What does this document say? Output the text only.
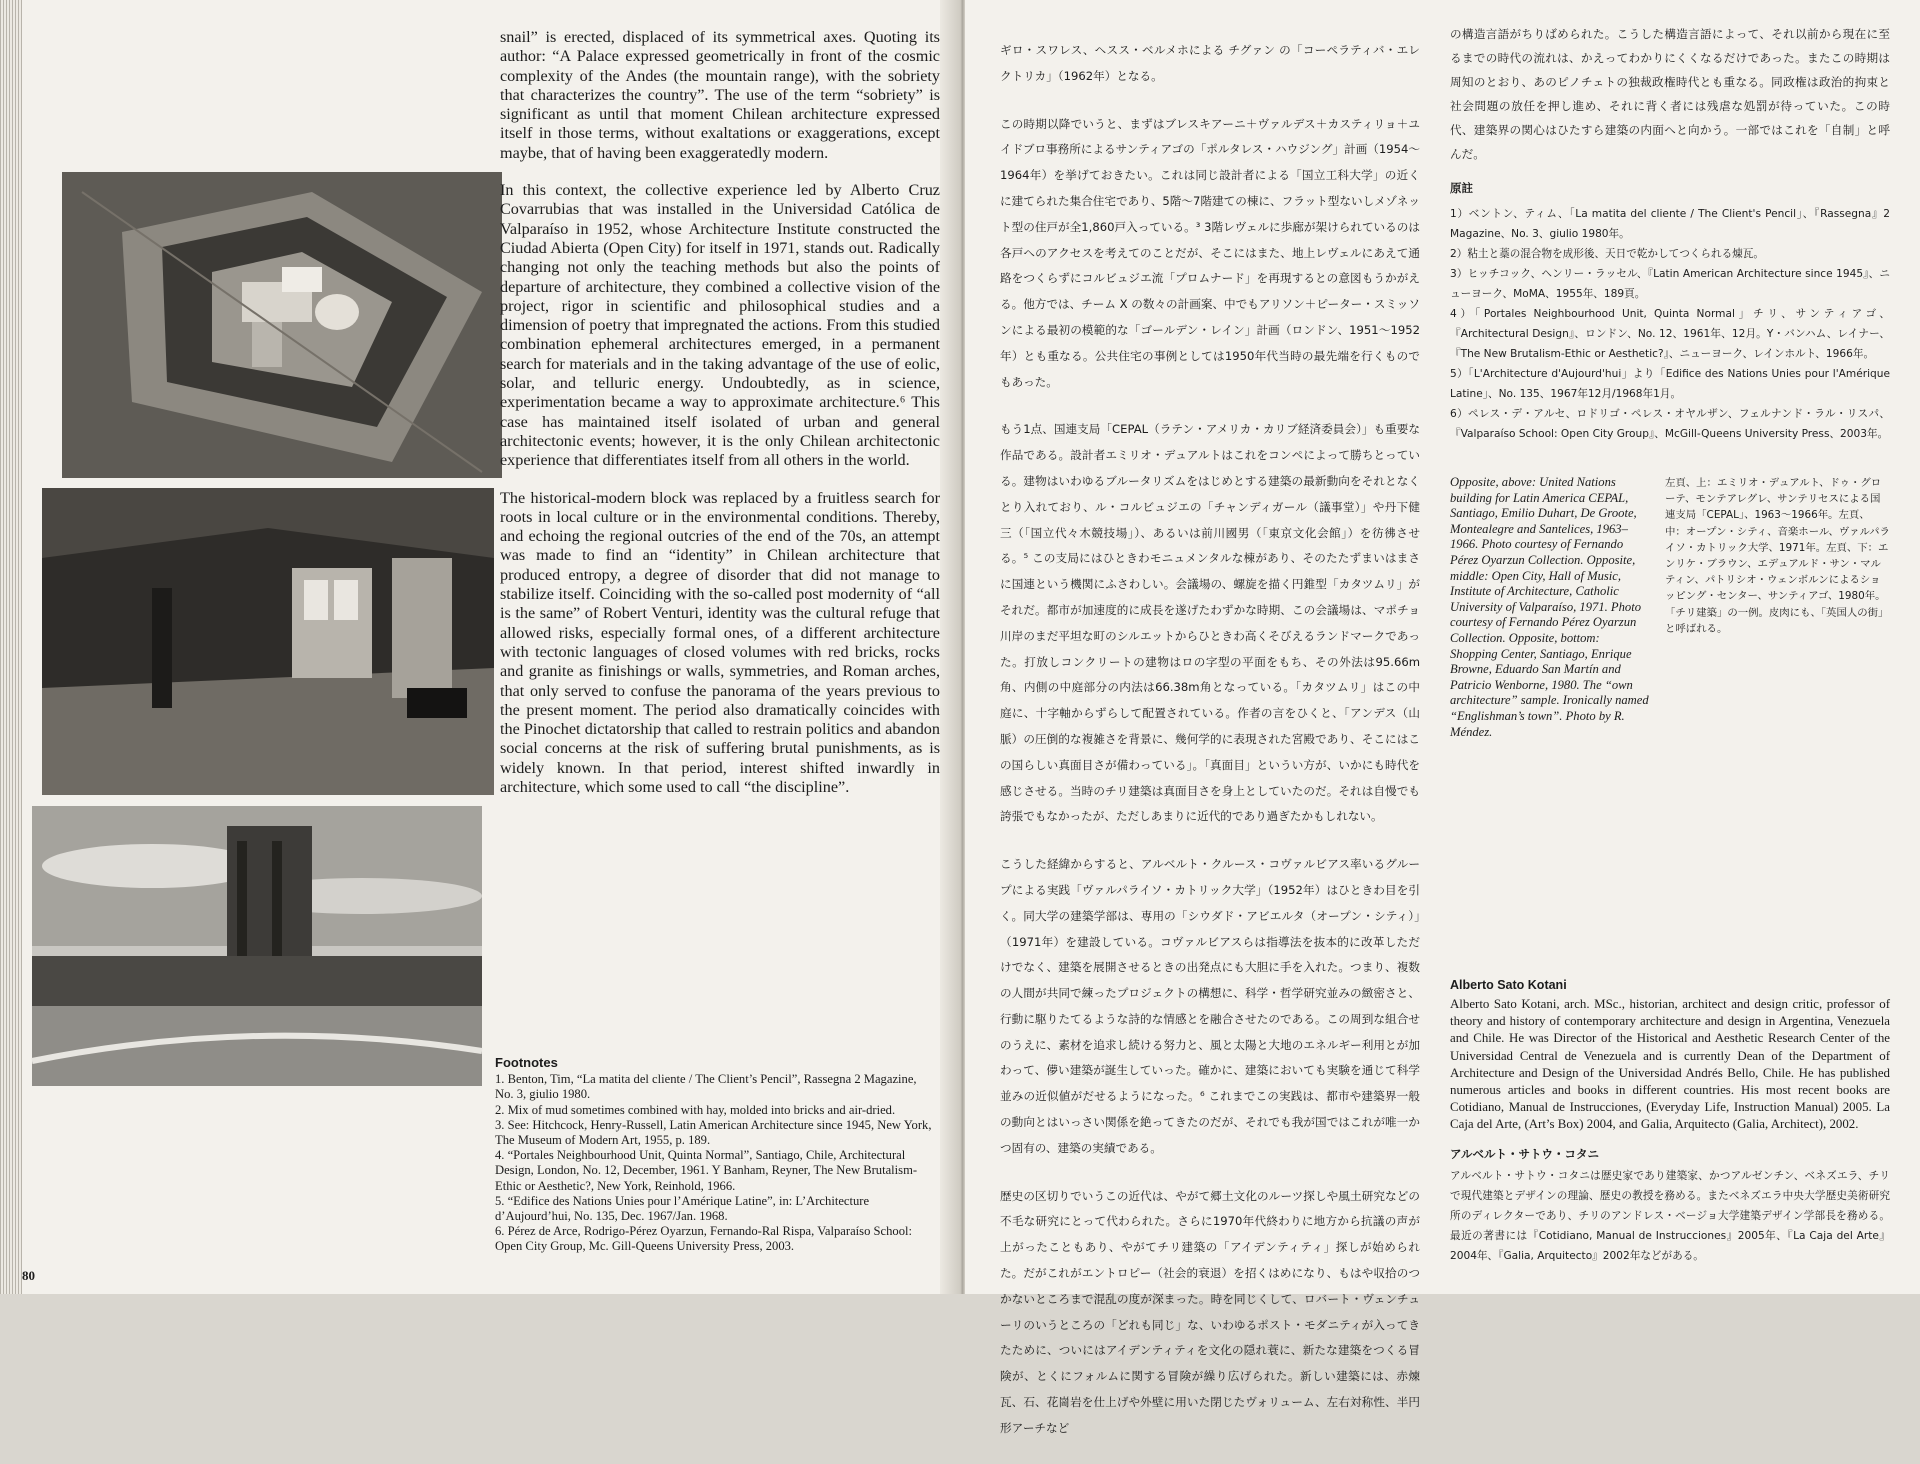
snail” is erected, displaced of its symmetrical axes. Quoting its author: “A Palace expressed geometrically in front of the cosmic complexity of the Andes (the mountain range), with the sobriety that characterizes the country”. The use of the term “sobriety” is significant as until that moment Chilean architecture expressed itself in those terms, without exaltations or exaggerations, except maybe, that of having been exaggeratedly modern.

In this context, the collective experience led by Alberto Cruz Covarrubias that was installed in the Universidad Católica de Valparaíso in 1952, whose Architecture Institute constructed the Ciudad Abierta (Open City) for itself in 1971, stands out. Radically changing not only the teaching methods but also the points of departure of architecture, they combined a collective vision of the project, rigor in scientific and philosophical studies and a dimension of poetry that impregnated the actions. From this studied combination ephemeral architectures emerged, in a permanent search for materials and in the taking advantage of the use of eolic, solar, and telluric energy. Undoubtedly, as in science, experimentation became a way to approximate architecture.⁶ This case has maintained itself isolated of urban and general architectonic events; however, it is the only Chilean architectonic experience that differentiates itself from all others in the world.

The historical-modern block was replaced by a fruitless search for roots in local culture or in the environmental conditions. Thereby, and echoing the regional outcries of the end of the 70s, an attempt was made to find an “identity” in Chilean architecture that produced entropy, a degree of disorder that did not manage to stabilize itself. Coinciding with the so-called post modernity of “all is the same” of Robert Venturi, identity was the cultural refuge that allowed risks, especially formal ones, of a different architecture with tectonic languages of closed volumes with red bricks, rocks and granite as finishings or walls, symmetries, and Roman arches, that only served to confuse the panorama of the years previous to the present moment. The period also dramatically coincides with the Pinochet dictatorship that called to restrain politics and abandon social concerns at the risk of suffering brutal punishments, as is widely known. In that period, interest shifted inwardly in architecture, which some used to call “the discipline”.

Footnotes

1. Benton, Tim, “La matita del cliente / The Client’s Pencil”, Rassegna 2 Magazine, No. 3, giulio 1980.

2. Mix of mud sometimes combined with hay, molded into bricks and air-dried.

3. See: Hitchcock, Henry-Russell, Latin American Architecture since 1945, New York, The Museum of Modern Art, 1955, p. 189.

4. “Portales Neighbourhood Unit, Quinta Normal”, Santiago, Chile, Architectural Design, London, No. 12, December, 1961. Y Banham, Reyner, The New Brutalism-Ethic or Aesthetic?, New York, Reinhold, 1966.

5. “Edifice des Nations Unies pour l’Amérique Latine”, in: L’Architecture d’Aujourd’hui, No. 135, Dec. 1967/Jan. 1968.

6. Pérez de Arce, Rodrigo-Pérez Oyarzun, Fernando-Ral Rispa, Valparaíso School: Open City Group, Mc. Gill-Queens University Press, 2003.

80

ギロ・スワレス、ヘスス・ベルメホによる チグァン の「コーペラティバ・エレクトリカ」（1962年）となる。

この時期以降でいうと、まずはブレスキアーニ＋ヴァルデス＋カスティリョ＋ユイドブロ事務所によるサンティアゴの「ポルタレス・ハウジング」計画（1954～1964年）を挙げておきたい。これは同じ設計者による「国立工科大学」の近くに建てられた集合住宅であり、5階～7階建ての棟に、フラット型ないしメゾネット型の住戸が全1,860戸入っている。³ 3階レヴェルに歩廊が架けられているのは各戸へのアクセスを考えてのことだが、そこにはまた、地上レヴェルにあえて通路をつくらずにコルビュジエ流「プロムナード」を再現するとの意図もうかがえる。他方では、チーム X の数々の計画案、中でもアリソン＋ピーター・スミッソンによる最初の模範的な「ゴールデン・レイン」計画（ロンドン、1951～1952年）とも重なる。公共住宅の事例としては1950年代当時の最先端を行くものでもあった。

もう1点、国連支局「CEPAL（ラテン・アメリカ・カリブ経済委員会）」も重要な作品である。設計者エミリオ・デュアルトはこれをコンペによって勝ちとっている。建物はいわゆるブルータリズムをはじめとする建築の最新動向をそれとなくとり入れており、ル・コルビュジエの「チャンディガール（議事堂）」や丹下健三（「国立代々木競技場」）、あるいは前川國男（「東京文化会館」）を彷彿させる。⁵ この支局にはひときわモニュメンタルな棟があり、そのたたずまいはまさに国連という機関にふさわしい。会議場の、螺旋を描く円錐型「カタツムリ」がそれだ。都市が加速度的に成長を遂げたわずかな時期、この会議場は、マポチョ川岸のまだ平坦な町のシルエットからひときわ高くそびえるランドマークであった。打放しコンクリートの建物はロの字型の平面をもち、その外法は95.66m角、内側の中庭部分の内法は66.38m角となっている。「カタツムリ」はこの中庭に、十字軸からずらして配置されている。作者の言をひくと、「アンデス（山脈）の圧倒的な複雑さを背景に、幾何学的に表現された宮殿であり、そこにはこの国らしい真面目さが備わっている」。「真面目」というい方が、いかにも時代を感じさせる。当時のチリ建築は真面目さを身上としていたのだ。それは自慢でも誇張でもなかったが、ただしあまりに近代的であり過ぎたかもしれない。

こうした経緯からすると、アルベルト・クルース・コヴァルビアス率いるグループによる実践「ヴァルパライソ・カトリック大学」（1952年）はひときわ目を引く。同大学の建築学部は、専用の「シウダド・アビエルタ（オープン・シティ）」（1971年）を建設している。コヴァルビアスらは指導法を抜本的に改革しただけでなく、建築を展開させるときの出発点にも大胆に手を入れた。つまり、複数の人間が共同で練ったプロジェクトの構想に、科学・哲学研究並みの緻密さと、行動に駆りたてるような詩的な情感とを融合させたのである。この周到な組合せのうえに、素材を追求し続ける努力と、風と太陽と大地のエネルギー利用とが加わって、儚い建築が誕生していった。確かに、建築においても実験を通じて科学並みの近似値がだせるようになった。⁶ これまでこの実践は、都市や建築界一般の動向とはいっさい関係を絶ってきたのだが、それでも我が国ではこれが唯一かつ固有の、建築の実績である。

歴史の区切りでいうこの近代は、やがて郷土文化のルーツ探しや風土研究などの不毛な研究にとって代わられた。さらに1970年代終わりに地方から抗議の声が上がったこともあり、やがてチリ建築の「アイデンティティ」探しが始められた。だがこれがエントロピー（社会的衰退）を招くはめになり、もはや収拾のつかないところまで混乱の度が深まった。時を同じくして、ロバート・ヴェンチューリのいうところの「どれも同じ」な、いわゆるポスト・モダニティが入ってきたために、ついにはアイデンティティを文化の隠れ蓑に、新たな建築をつくる冒険が、とくにフォルムに関する冒険が繰り広げられた。新しい建築には、赤煉瓦、石、花崗岩を仕上げや外壁に用いた閉じたヴォリューム、左右対称性、半円形アーチなど

の構造言語がちりばめられた。こうした構造言語によって、それ以前から現在に至るまでの時代の流れは、かえってわかりにくくなるだけであった。またこの時期は周知のとおり、あのピノチェトの独裁政権時代とも重なる。同政権は政治的拘束と社会問題の放任を押し進め、それに背く者には残虐な処罰が待っていた。この時代、建築界の関心はひたすら建築の内面へと向かう。一部ではこれを「自制」と呼んだ。

原註

1）ベントン、ティム、「La matita del cliente / The Client's Pencil」、『Rassegna』2 Magazine、No. 3、giulio 1980年。

2）粘土と藁の混合物を成形後、天日で乾かしてつくられる煉瓦。

3）ヒッチコック、ヘンリー・ラッセル、『Latin American Architecture since 1945』、ニューヨーク、MoMA、1955年、189頁。

4）「Portales Neighbourhood Unit, Quinta Normal」チリ、サンティアゴ、『Architectural Design』、ロンドン、No. 12、1961年、12月。Y・バンハム、レイナー、『The New Brutalism-Ethic or Aesthetic?』、ニューヨーク、レインホルト、1966年。

5）「L'Architecture d'Aujourd'hui」より「Edifice des Nations Unies pour l'Amérique Latine」、No. 135、1967年12月/1968年1月。

6）ペレス・デ・アルセ、ロドリゴ・ペレス・オヤルザン、フェルナンド・ラル・リスパ、『Valparaíso School: Open City Group』、McGill-Queens University Press、2003年。

Opposite, above: United Nations building for Latin America CEPAL, Santiago, Emilio Duhart, De Groote, Montealegre and Santelices, 1963–1966. Photo courtesy of Fernando Pérez Oyarzun Collection. Opposite, middle: Open City, Hall of Music, Institute of Architecture, Catholic University of Valparaíso, 1971. Photo courtesy of Fernando Pérez Oyarzun Collection. Opposite, bottom: Shopping Center, Santiago, Enrique Browne, Eduardo San Martín and Patricio Wenborne, 1980. The “own architecture” sample. Ironically named “Englishman’s town”. Photo by R. Méndez.
左頁、上：エミリオ・デュアルト、ドゥ・グローテ、モンテアレグレ、サンテリセスによる国連支局「CEPAL」、1963～1966年。左頁、中：オープン・シティ、音楽ホール、ヴァルパライソ・カトリック大学、1971年。左頁、下：エンリケ・ブラウン、エデュアルド・サン・マルティン、パトリシオ・ウェンボルンによるショッピング・センター、サンティアゴ、1980年。「チリ建築」の一例。皮肉にも、「英国人の街」と呼ばれる。
Alberto Sato Kotani

Alberto Sato Kotani, arch. MSc., historian, architect and design critic, professor of theory and history of contemporary architecture and design in Argentina, Venezuela and Chile. He was Director of the Historical and Aesthetic Research Center of the Universidad Central de Venezuela and is currently Dean of the Department of Architecture and Design of the Universidad Andrés Bello, Chile. He has published numerous articles and books in different countries. His most recent books are Cotidiano, Manual de Instrucciones, (Everyday Life, Instruction Manual) 2005. La Caja del Arte, (Art’s Box) 2004, and Galia, Arquitecto (Galia, Architect), 2002.

アルベルト・サトウ・コタニ

アルベルト・サトウ・コタニは歴史家であり建築家、かつアルゼンチン、ベネズエラ、チリで現代建築とデザインの理論、歴史の教授を務める。またベネズエラ中央大学歴史美術研究所のディレクターであり、チリのアンドレス・ベージョ大学建築デザイン学部長を務める。最近の著書には『Cotidiano, Manual de Instrucciones』2005年、『La Caja del Arte』2004年、『Galia, Arquitecto』2002年などがある。
